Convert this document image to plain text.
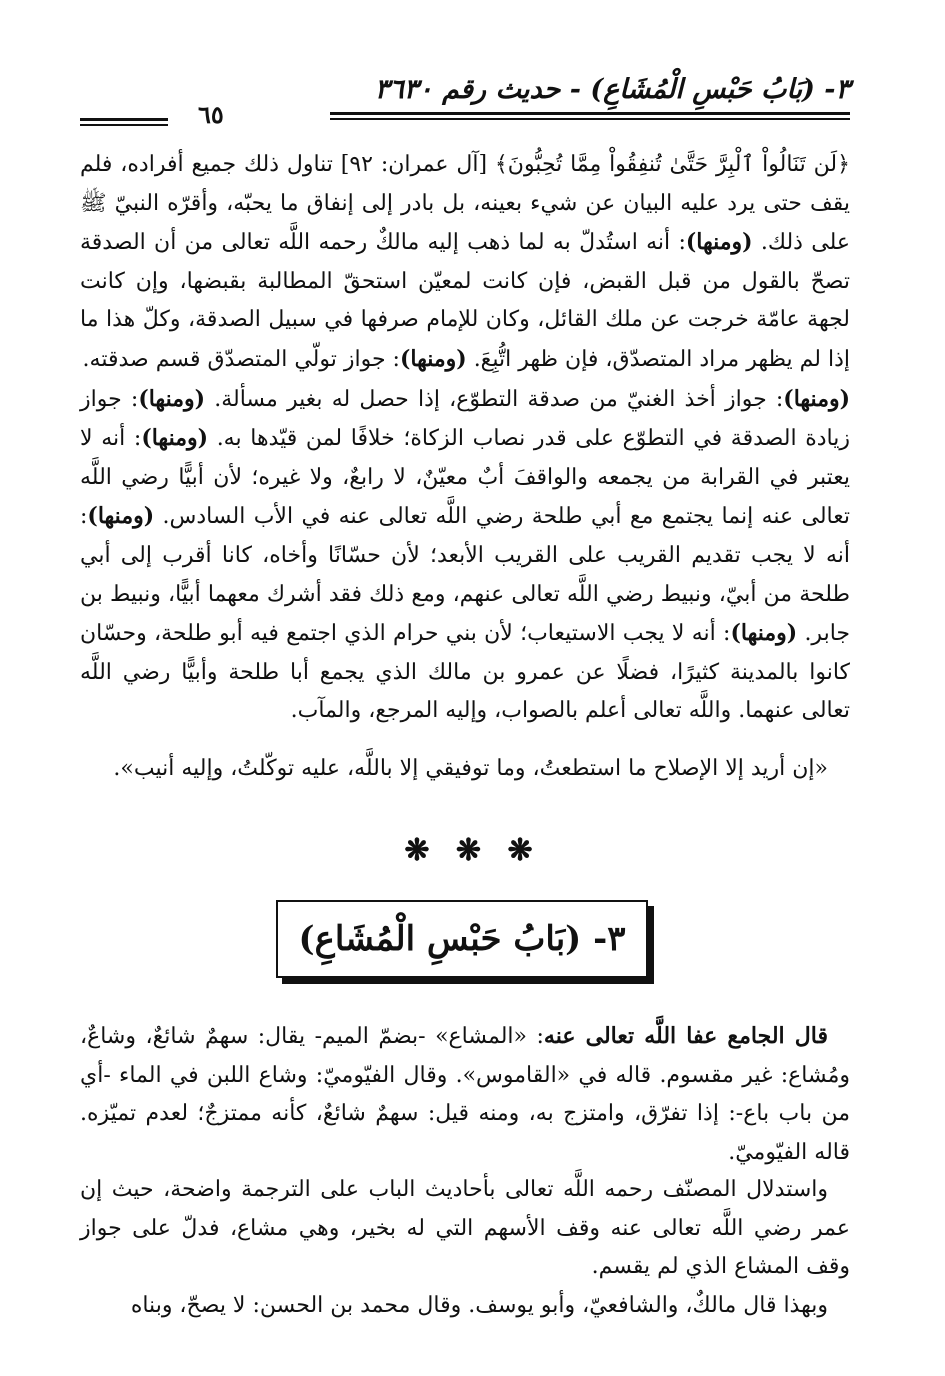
٣- (بَابُ حَبْسِ الْمُشَاعِ) - حديث رقم ٣٦٣٠
٦٥

﴿لَن تَنَالُواْ ٱلْبِرَّ حَتَّىٰ تُنفِقُواْ مِمَّا تُحِبُّونَ﴾ [آل عمران: ٩٢] تناول ذلك جميع أفراده، فلم يقف حتى يرد عليه البيان عن شيء بعينه، بل بادر إلى إنفاق ما يحبّه، وأقرّه النبيّ ﷺ على ذلك. (ومنها): أنه استُدلّ به لما ذهب إليه مالكٌ رحمه اللَّه تعالى من أن الصدقة تصحّ بالقول من قبل القبض، فإن كانت لمعيّن استحقّ المطالبة بقبضها، وإن كانت لجهة عامّة خرجت عن ملك القائل، وكان للإمام صرفها في سبيل الصدقة، وكلّ هذا ما إذا لم يظهر مراد المتصدّق، فإن ظهر اتُّبِعَ. (ومنها): جواز تولّي المتصدّق قسم صدقته.
(ومنها): جواز أخذ الغنيّ من صدقة التطوّع، إذا حصل له بغير مسألة. (ومنها): جواز زيادة الصدقة في التطوّع على قدر نصاب الزكاة؛ خلافًا لمن قيّدها به. (ومنها): أنه لا يعتبر في القرابة من يجمعه والواقفَ أبٌ معيّنٌ، لا رابعٌ، ولا غيره؛ لأن أبيًّا رضي اللَّه تعالى عنه إنما يجتمع مع أبي طلحة رضي اللَّه تعالى عنه في الأب السادس. (ومنها): أنه لا يجب تقديم القريب على القريب الأبعد؛ لأن حسّانًا وأخاه، كانا أقرب إلى أبي طلحة من أبيّ، ونبيط رضي اللَّه تعالى عنهم، ومع ذلك فقد أشرك معهما أبيًّا، ونبيط بن جابر. (ومنها): أنه لا يجب الاستيعاب؛ لأن بني حرام الذي اجتمع فيه أبو طلحة، وحسّان كانوا بالمدينة كثيرًا، فضلًا عن عمرو بن مالك الذي يجمع أبا طلحة وأبيًّا رضي اللَّه تعالى عنهما. واللَّه تعالى أعلم بالصواب، وإليه المرجع، والمآب.

«إن أريد إلا الإصلاح ما استطعتُ، وما توفيقي إلا باللَّه، عليه توكّلتُ، وإليه أنيب».

❋ ❋ ❋
٣- (بَابُ حَبْسِ الْمُشَاعِ)

قال الجامع عفا اللَّه تعالى عنه: «المشاع» -بضمّ الميم- يقال: سهمٌ شائعٌ، وشاعٌ، ومُشاع: غير مقسوم. قاله في «القاموس». وقال الفيّوميّ: وشاع اللبن في الماء -أي من باب باع-: إذا تفرّق، وامتزج به، ومنه قيل: سهمٌ شائعٌ، كأنه ممتزجٌ؛ لعدم تميّزه. قاله الفيّوميّ.

واستدلال المصنّف رحمه اللَّه تعالى بأحاديث الباب على الترجمة واضحة، حيث إن عمر رضي اللَّه تعالى عنه وقف الأسهم التي له بخير، وهي مشاع، فدلّ على جواز وقف المشاع الذي لم يقسم.

وبهذا قال مالكٌ، والشافعيّ، وأبو يوسف. وقال محمد بن الحسن: لا يصحّ، وبناه
